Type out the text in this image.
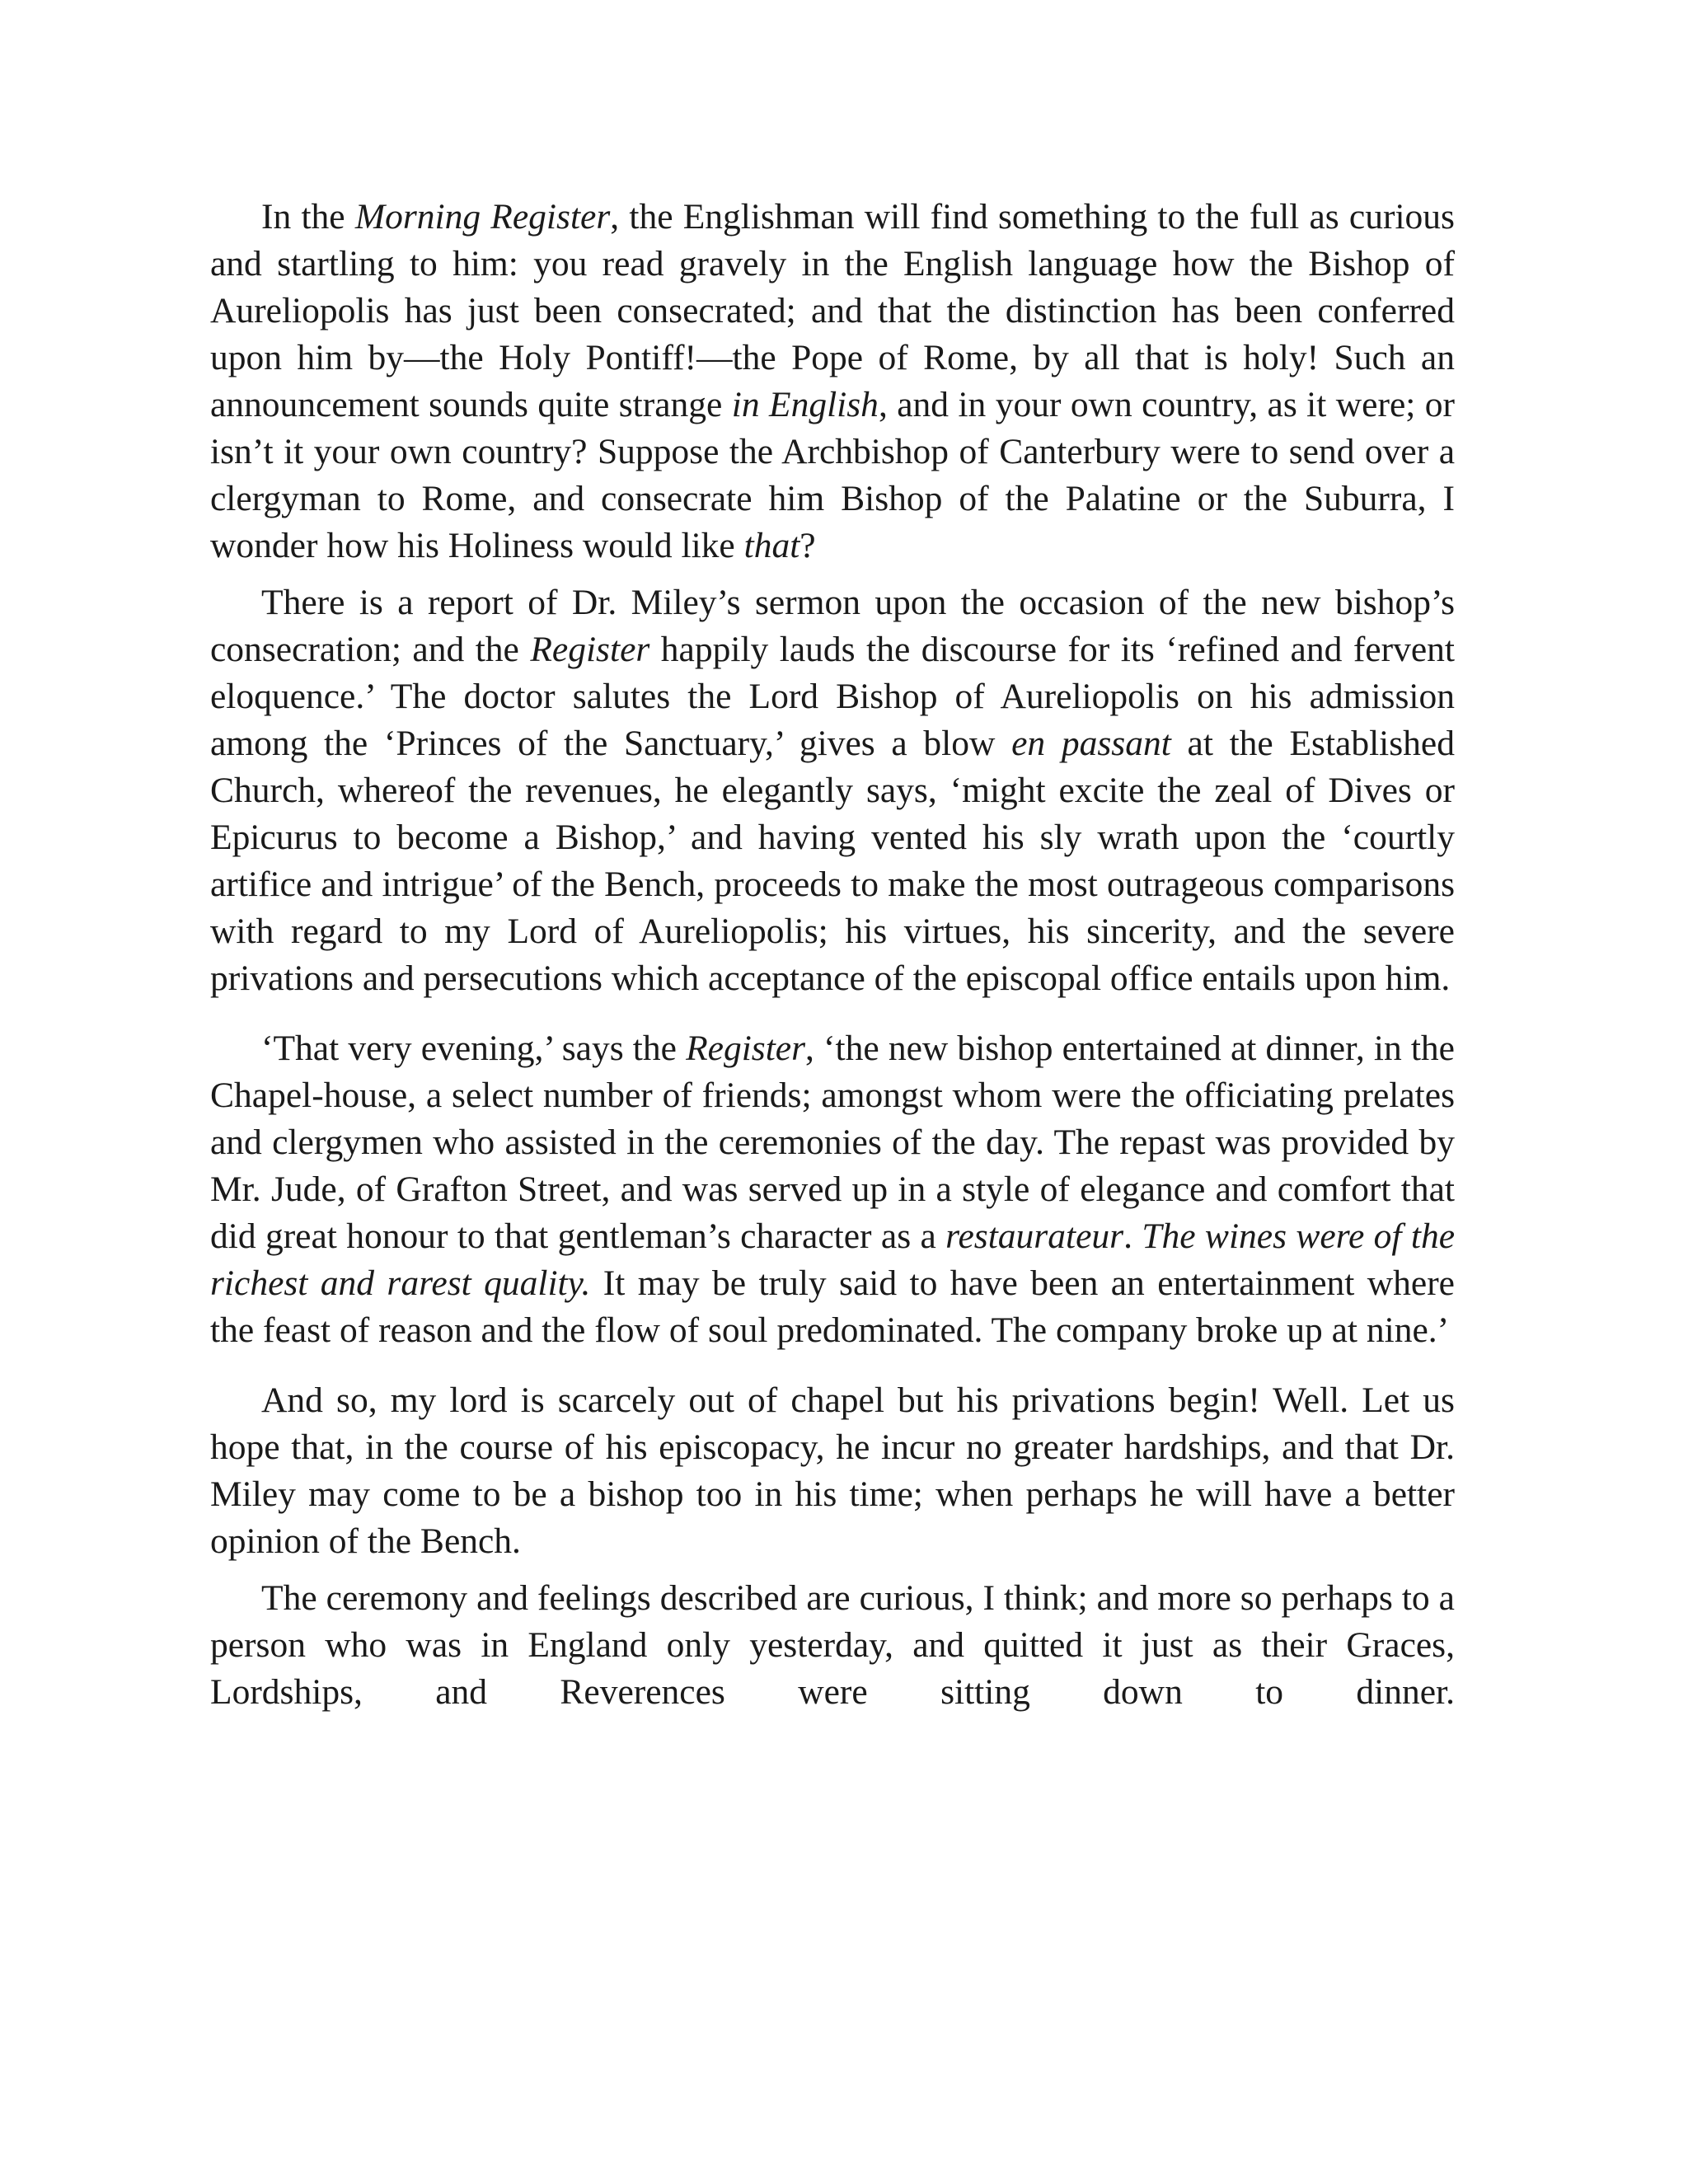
In the Morning Register, the Englishman will find something to the full as curious and startling to him: you read gravely in the English language how the Bishop of Aureliopolis has just been consecrated; and that the distinction has been conferred upon him by—the Holy Pontiff!—the Pope of Rome, by all that is holy! Such an announcement sounds quite strange in English, and in your own country, as it were; or isn’t it your own country? Suppose the Archbishop of Canterbury were to send over a clergyman to Rome, and consecrate him Bishop of the Palatine or the Suburra, I wonder how his Holiness would like that?

There is a report of Dr. Miley’s sermon upon the occasion of the new bishop’s consecration; and the Register happily lauds the discourse for its ‘refined and fervent eloquence.’ The doctor salutes the Lord Bishop of Aureliopolis on his admission among the ‘Princes of the Sanctuary,’ gives a blow en passant at the Established Church, whereof the revenues, he elegantly says, ‘might excite the zeal of Dives or Epicurus to become a Bishop,’ and having vented his sly wrath upon the ‘courtly artifice and intrigue’ of the Bench, proceeds to make the most outrageous comparisons with regard to my Lord of Aureliopolis; his virtues, his sincerity, and the severe privations and persecutions which acceptance of the episcopal office entails upon him.

‘That very evening,’ says the Register, ‘the new bishop entertained at dinner, in the Chapel-house, a select number of friends; amongst whom were the officiating prelates and clergymen who assisted in the ceremonies of the day. The repast was provided by Mr. Jude, of Grafton Street, and was served up in a style of elegance and comfort that did great honour to that gentleman’s character as a restaurateur. The wines were of the richest and rarest quality. It may be truly said to have been an entertainment where the feast of reason and the flow of soul predominated. The company broke up at nine.’

And so, my lord is scarcely out of chapel but his privations begin! Well. Let us hope that, in the course of his episcopacy, he incur no greater hardships, and that Dr. Miley may come to be a bishop too in his time; when perhaps he will have a better opinion of the Bench.

The ceremony and feelings described are curious, I think; and more so perhaps to a person who was in England only yesterday, and quitted it just as their Graces, Lordships, and Reverences were sitting down to dinner.
